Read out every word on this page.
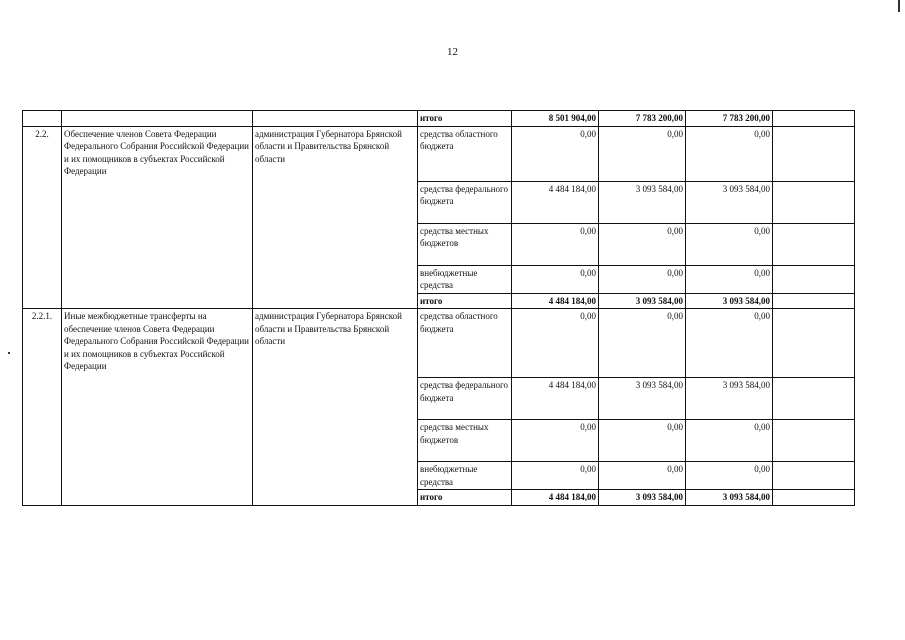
12
			итого	8 501 904,00	7 783 200,00	7 783 200,00	
2.2.	Обеспечение членов Совета Федерации Федерального Собрания Российской Федерации и их помощников в субъектах Российской Федерации	администрация Губернатора Брянской области и Правительства Брянской области	средства областного бюджета	0,00	0,00	0,00	
			средства федерального бюджета	4 484 184,00	3 093 584,00	3 093 584,00	
			средства местных бюджетов	0,00	0,00	0,00	
			внебюджетные средства	0,00	0,00	0,00	
			итого	4 484 184,00	3 093 584,00	3 093 584,00	
2.2.1.	Иные межбюджетные трансферты на обеспечение членов Совета Федерации Федерального Собрания Российской Федерации и их помощников в субъектах Российской Федерации	администрация Губернатора Брянской области и Правительства Брянской области	средства областного бюджета	0,00	0,00	0,00	
			средства федерального бюджета	4 484 184,00	3 093 584,00	3 093 584,00	
			средства местных бюджетов	0,00	0,00	0,00	
			внебюджетные средства	0,00	0,00	0,00	
			итого	4 484 184,00	3 093 584,00	3 093 584,00	
